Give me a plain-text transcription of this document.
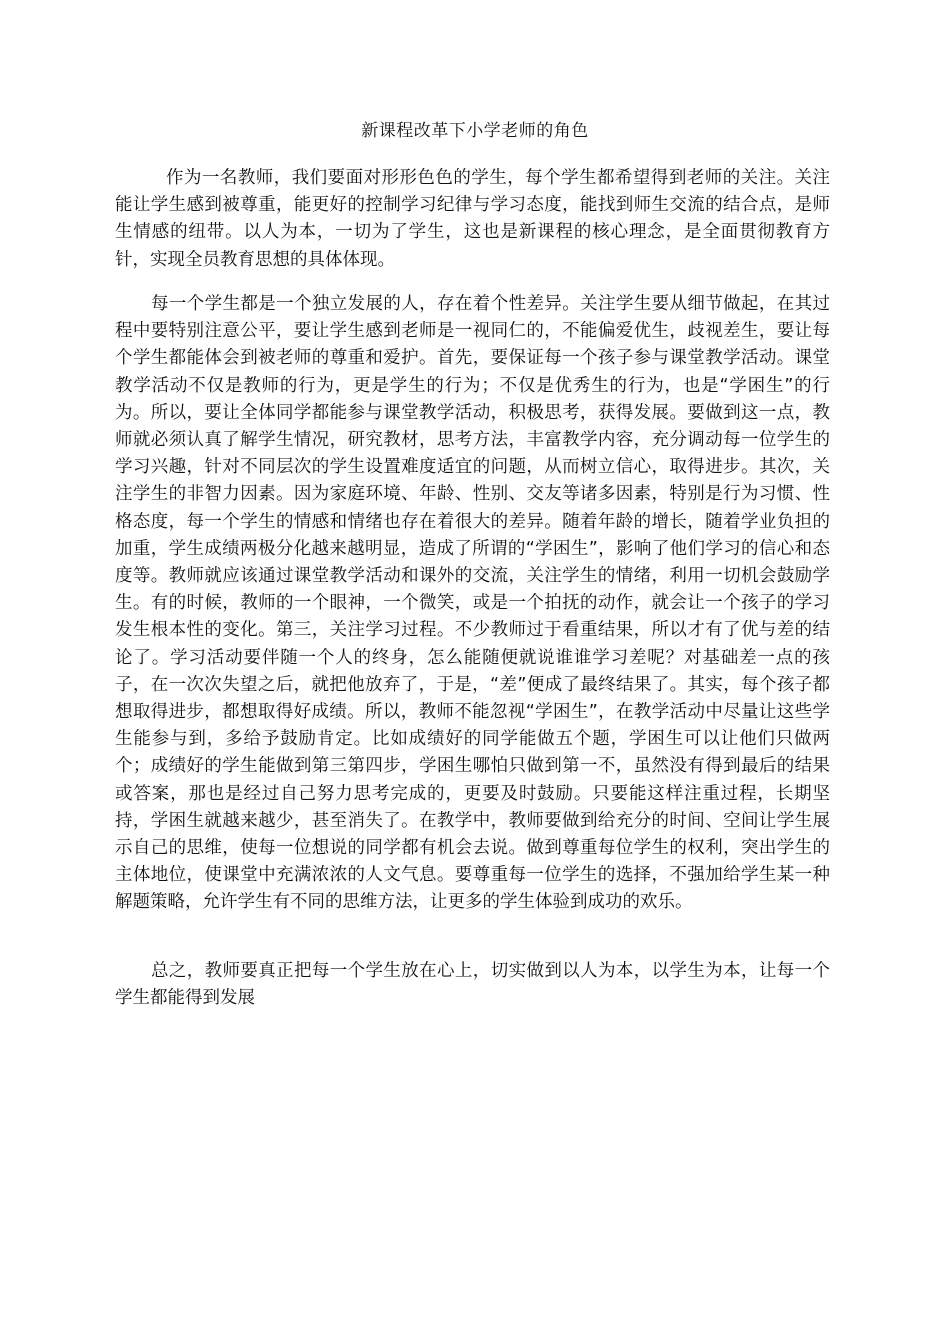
新课程改革下小学老师的角色

作为一名教师，我们要面对形形色色的学生，每个学生都希望得到老师的关注。关注能让学生感到被尊重，能更好的控制学习纪律与学习态度，能找到师生交流的结合点，是师生情感的纽带。以人为本，一切为了学生，这也是新课程的核心理念，是全面贯彻教育方针，实现全员教育思想的具体体现。

每一个学生都是一个独立发展的人，存在着个性差异。关注学生要从细节做起，在其过程中要特别注意公平，要让学生感到老师是一视同仁的，不能偏爱优生，歧视差生，要让每个学生都能体会到被老师的尊重和爱护。首先，要保证每一个孩子参与课堂教学活动。课堂教学活动不仅是教师的行为，更是学生的行为；不仅是优秀生的行为，也是“学困生”的行为。所以，要让全体同学都能参与课堂教学活动，积极思考，获得发展。要做到这一点，教师就必须认真了解学生情况，研究教材，思考方法，丰富教学内容，充分调动每一位学生的学习兴趣，针对不同层次的学生设置难度适宜的问题，从而树立信心，取得进步。其次，关注学生的非智力因素。因为家庭环境、年龄、性别、交友等诸多因素，特别是行为习惯、性格态度，每一个学生的情感和情绪也存在着很大的差异。随着年龄的增长，随着学业负担的加重，学生成绩两极分化越来越明显，造成了所谓的“学困生”，影响了他们学习的信心和态度等。教师就应该通过课堂教学活动和课外的交流，关注学生的情绪，利用一切机会鼓励学生。有的时候，教师的一个眼神，一个微笑，或是一个拍抚的动作，就会让一个孩子的学习发生根本性的变化。第三，关注学习过程。不少教师过于看重结果，所以才有了优与差的结论了。学习活动要伴随一个人的终身，怎么能随便就说谁谁学习差呢？对基础差一点的孩子，在一次次失望之后，就把他放弃了，于是，“差”便成了最终结果了。其实，每个孩子都想取得进步，都想取得好成绩。所以，教师不能忽视“学困生”，在教学活动中尽量让这些学生能参与到，多给予鼓励肯定。比如成绩好的同学能做五个题，学困生可以让他们只做两个；成绩好的学生能做到第三第四步，学困生哪怕只做到第一不，虽然没有得到最后的结果或答案，那也是经过自己努力思考完成的，更要及时鼓励。只要能这样注重过程，长期坚持，学困生就越来越少，甚至消失了。在教学中，教师要做到给充分的时间、空间让学生展示自己的思维，使每一位想说的同学都有机会去说。做到尊重每位学生的权利，突出学生的主体地位，使课堂中充满浓浓的人文气息。要尊重每一位学生的选择，不强加给学生某一种解题策略，允许学生有不同的思维方法，让更多的学生体验到成功的欢乐。

总之，教师要真正把每一个学生放在心上，切实做到以人为本，以学生为本，让每一个学生都能得到发展
